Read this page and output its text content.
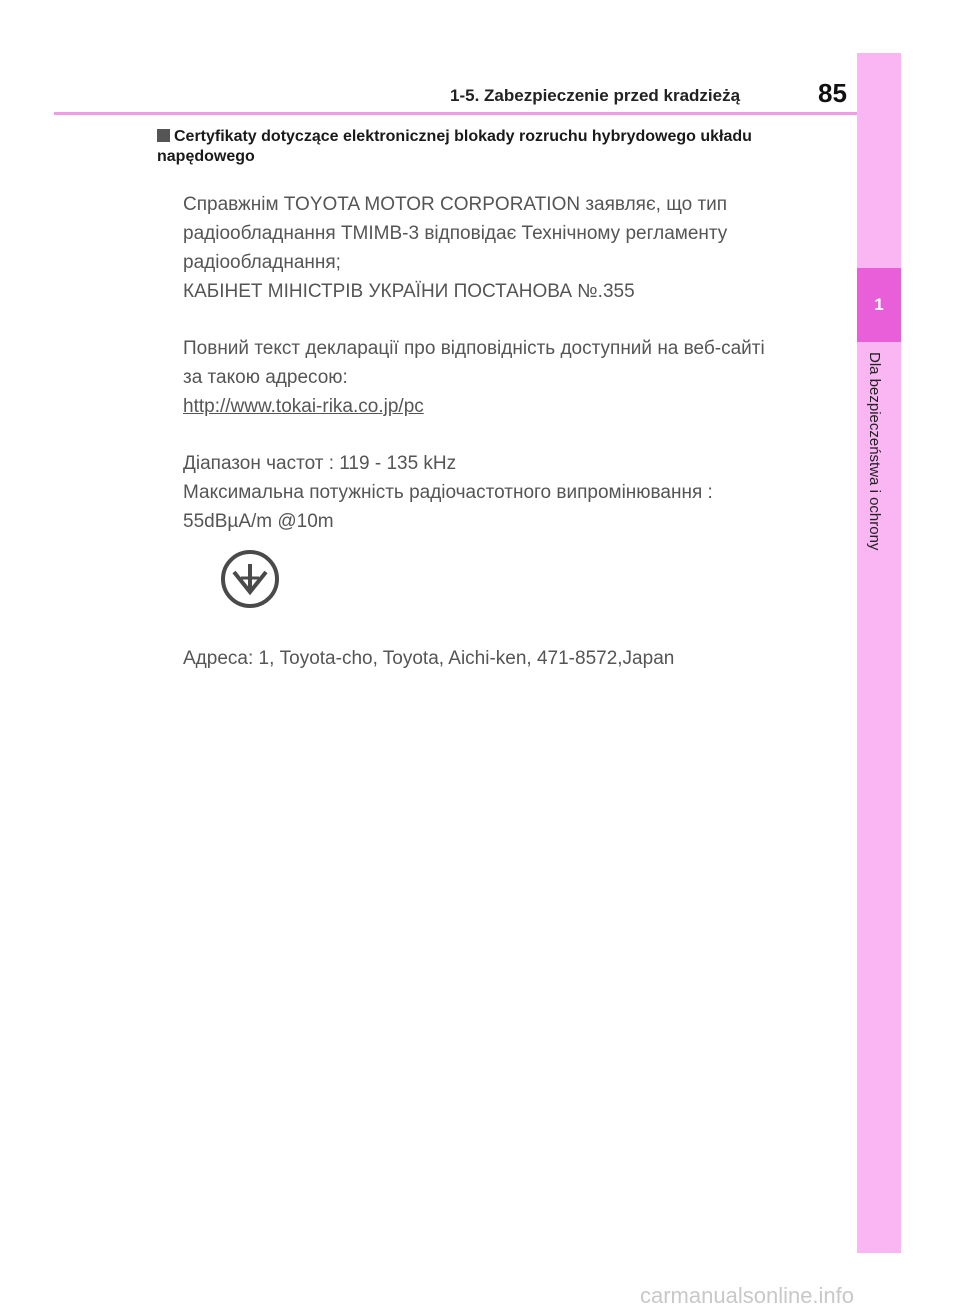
1
Dla bezpieczeństwa i ochrony
1-5. Zabezpieczenie przed kradzieżą	85
Certyfikaty dotyczące elektronicznej blokady rozruchu hybrydowego układu
napędowego

Справжнім TOYOTA MOTOR CORPORATION заявляє, що тип

радіообладнання TMIMB-3 відповідає Технічному регламенту

радіообладнання;

КАБІНЕТ МІНІСТРІВ УКРАЇНИ ПОСТАНОВА №.355

Повний текст декларації про відповідність доступний на веб-сайті

за такою адресою:

http://www.tokai-rika.co.jp/pc

Діапазон частот : 119 - 135 kHz

Максимальна потужність радіочастотного випромінювання :

55dBµA/m @10m

Адреса: 1, Toyota-cho, Toyota, Aichi-ken, 471-8572,Japan
carmanualsonline.info
